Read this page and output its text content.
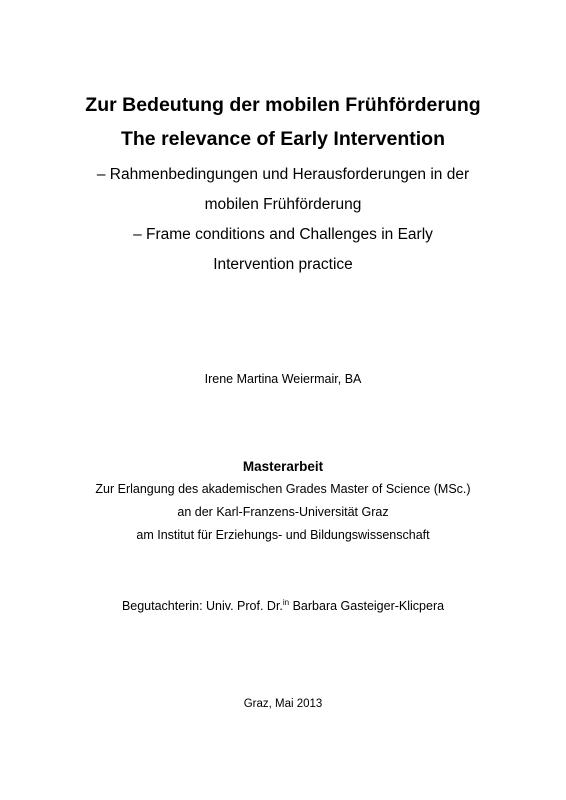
Zur Bedeutung der mobilen Frühförderung
The relevance of Early Intervention
– Rahmenbedingungen und Herausforderungen in der
mobilen Frühförderung
– Frame conditions and Challenges in Early
Intervention practice
Irene Martina Weiermair, BA
Masterarbeit
Zur Erlangung des akademischen Grades Master of Science (MSc.)
an der Karl-Franzens-Universität Graz
am Institut für Erziehungs- und Bildungswissenschaft
Begutachterin: Univ. Prof. Dr.$^{in}$ Barbara Gasteiger-Klicpera
Graz, Mai 2013
